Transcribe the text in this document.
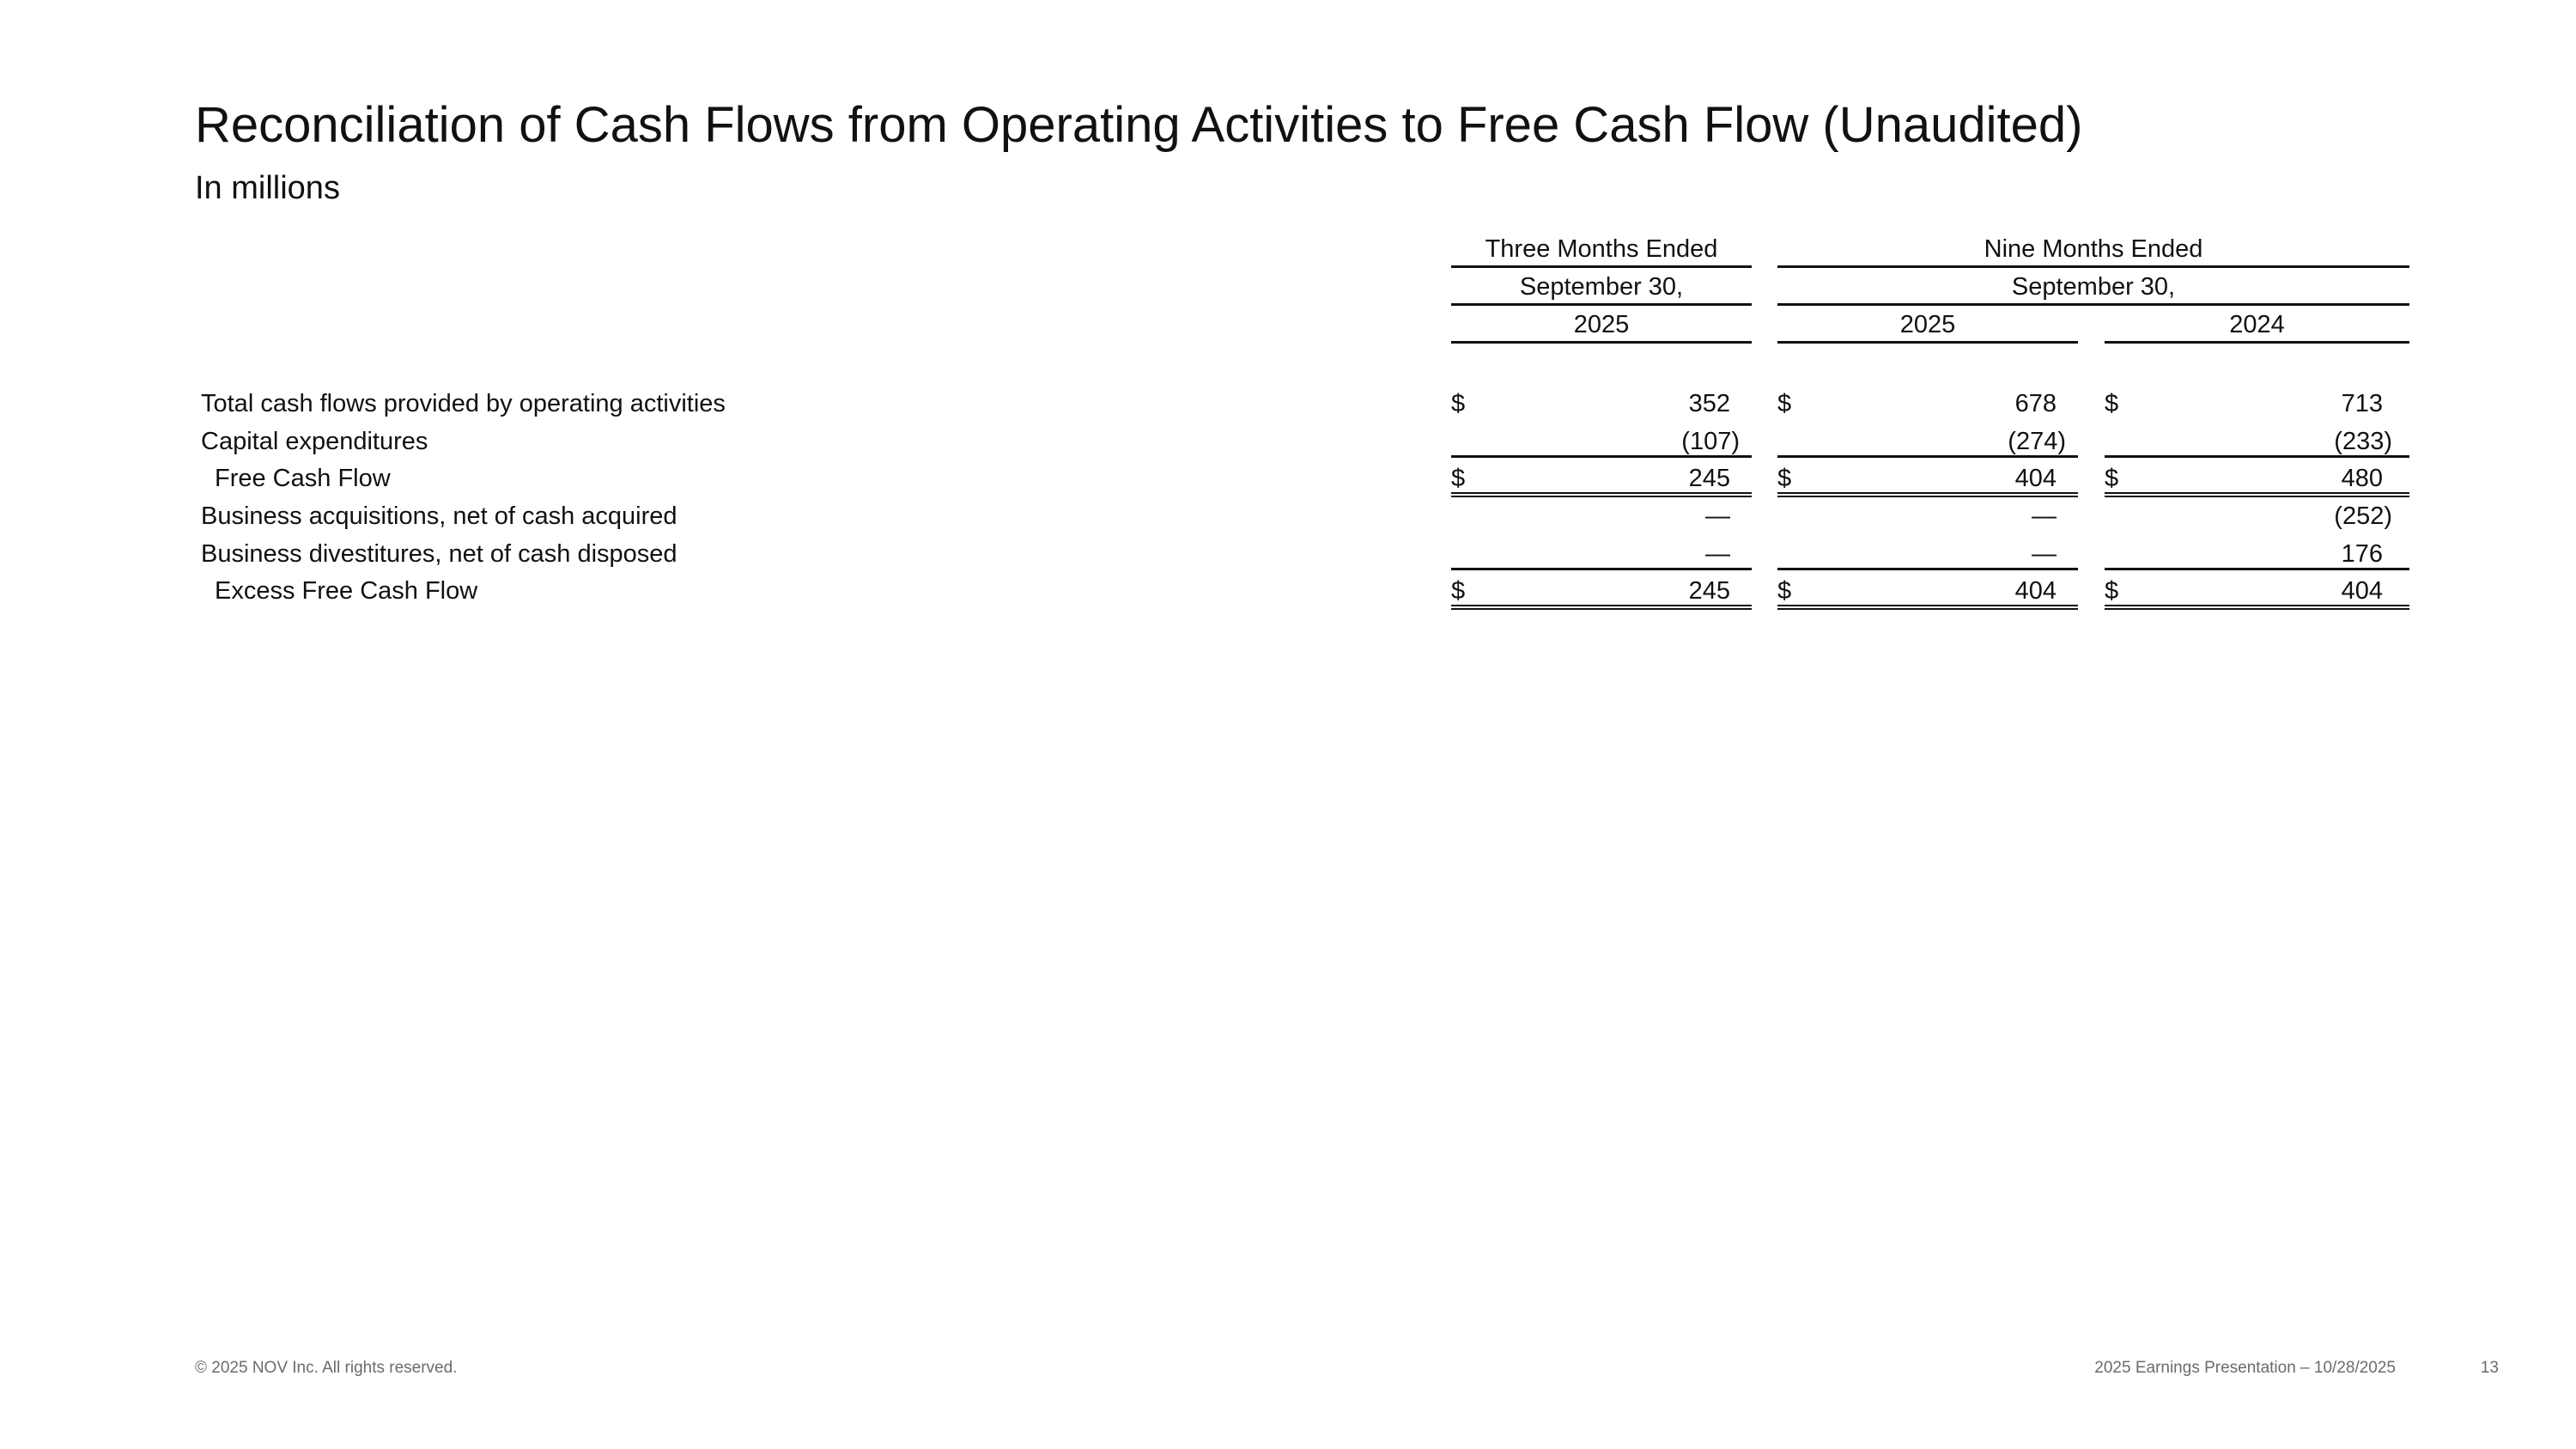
Reconciliation of Cash Flows from Operating Activities to Free Cash Flow (Unaudited)
In millions
Three Months Ended	Nine Months Ended
September 30,	September 30,
2025	2025	2024
Total cash flows provided by operating activities	$	352 $	678 $	713
Capital expenditures	(107)	(274)	(233)
Free Cash Flow	$	245 $	404 $	480
Business acquisitions, net of cash acquired	—	—	(252)
Business divestitures, net of cash disposed	—	—	176
Excess Free Cash Flow	$	245 $	404 $	404
© 2025 NOV Inc. All rights reserved.	2025 Earnings Presentation – 10/28/2025	13
